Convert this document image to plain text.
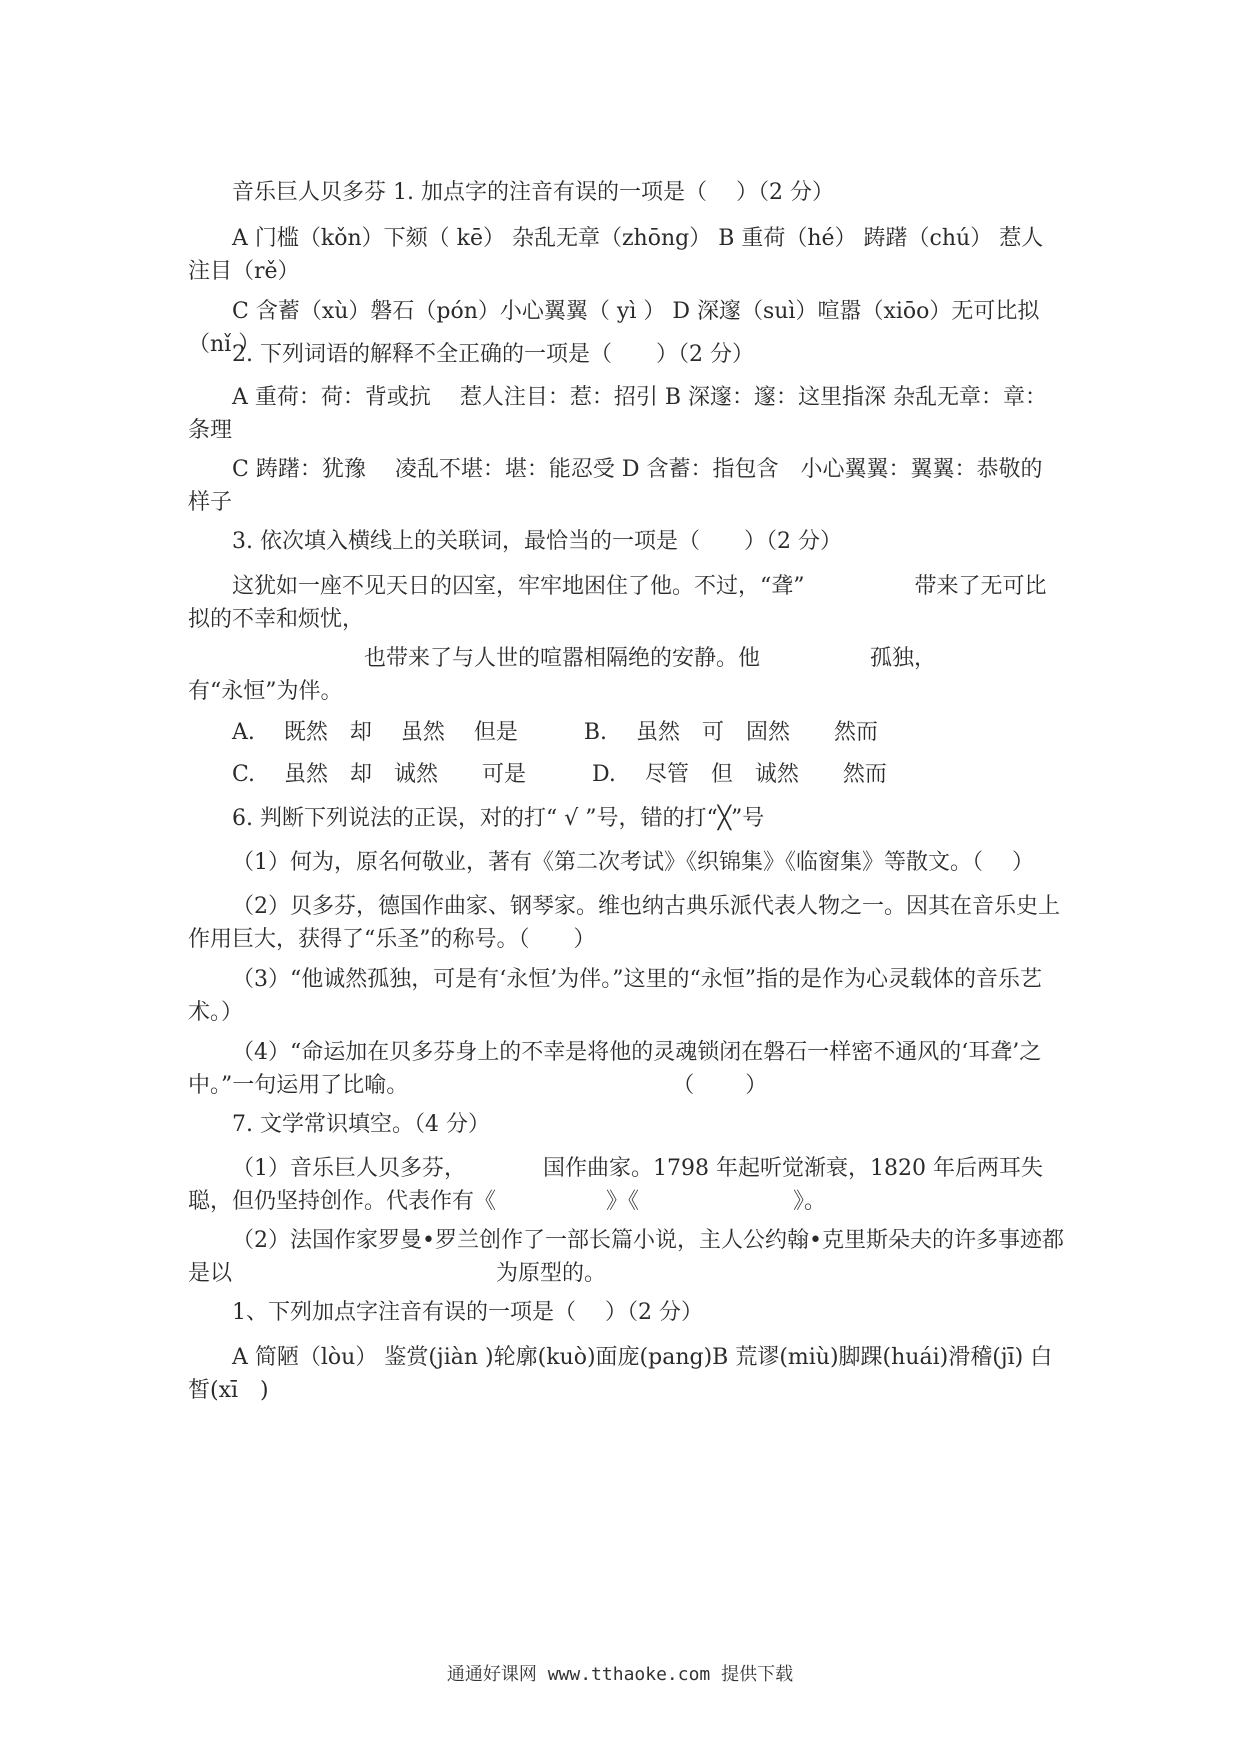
音乐巨人贝多芬 1. 加点字的注音有误的一项是（　 ）（2 分）

A 门槛（kǒn）下颏（ kē） 杂乱无章（zhōng） B 重荷（hé） 踌躇（chú） 惹人注目（rě）

C 含蓄（xù）磐石（pón）小心翼翼（ yì ） D 深邃（suì）喧嚣（xiōo）无可比拟（nǐ ）

2. 下列词语的解释不全正确的一项是（　　）（2 分）

A 重荷：荷：背或抗　 惹人注目：惹：招引 B 深邃：邃：这里指深 杂乱无章：章：条理

C 踌躇：犹豫　 凌乱不堪：堪：能忍受 D 含蓄：指包含　小心翼翼：翼翼：恭敬的样子

3. 依次填入横线上的关联词，最恰当的一项是（　　）（2 分）

这犹如一座不见天日的囚室，牢牢地困住了他。不过，“聋”　　　　　带来了无可比拟的不幸和烦忧，

　　　　　　也带来了与人世的喧嚣相隔绝的安静。他　　　　　孤独，　　　　　有“永恒”为伴。

A. 　既然　却　 虽然　 但是　　　B. 　虽然　可　固然　　然而

C. 　虽然　却　诚然　　可是　　　D. 　尽管　但　诚然　　然而

6. 判断下列说法的正误，对的打“ √ ”号，错的打“╳”号

（1）何为，原名何敬业，著有《第二次考试》《织锦集》《临窗集》等散文。（　 ）

（2）贝多芬，德国作曲家、钢琴家。维也纳古典乐派代表人物之一。因其在音乐史上作用巨大，获得了“乐圣”的称号。（　　）

（3）“他诚然孤独，可是有‘永恒’为伴。”这里的“永恒”指的是作为心灵载体的音乐艺术。）

（4）“命运加在贝多芬身上的不幸是将他的灵魂锁闭在磐石一样密不通风的‘耳聋’之中。”一句运用了比喻。　　　　　　　　　　　　　（　　 ）

7. 文学常识填空。（4 分）

（1）音乐巨人贝多芬，　　　　国作曲家。1798 年起听觉渐衰，1820 年后两耳失聪，但仍坚持创作。代表作有《　　　　　》《　　　　　　　》。

（2）法国作家罗曼•罗兰创作了一部长篇小说，主人公约翰•克里斯朵夫的许多事迹都是以　　　　　　　　　　　　为原型的。

1、下列加点字注音有误的一项是（　 ）（2 分）

A 简陋（lòu） 鉴赏(jiàn )轮廓(kuò)面庞(pang)B 荒谬(miù)脚踝(huái)滑稽(jī) 白皙(xī　)

通通好课网 www.tthaoke.com 提供下载
